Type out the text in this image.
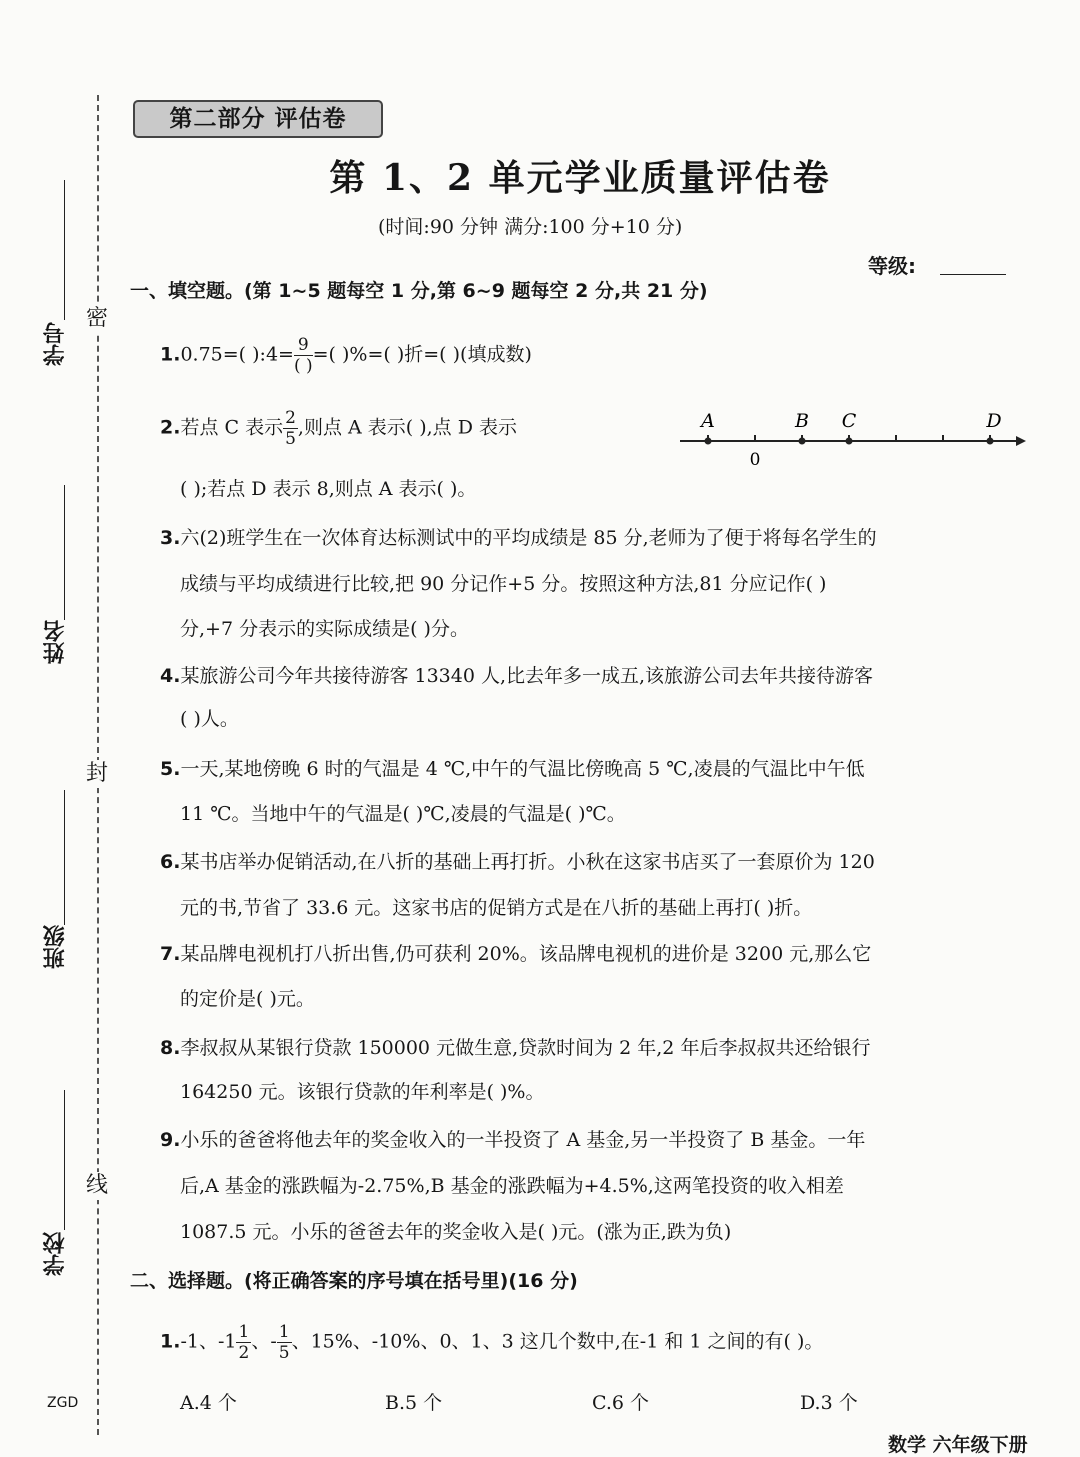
密
封
线
学号
姓名
班级
学校
ZGD
第二部分 评估卷
第 1、2 单元学业质量评估卷
(时间:90 分钟 满分:100 分+10 分)
等级:
一、填空题。(第 1~5 题每空 1 分,第 6~9 题每空 2 分,共 21 分)
1.0.75=( ):4= $\frac{9}{( )}$ =( )%=( )折=( )(填成数)
2.若点 C 表示 $\frac{2}{5}$ ,则点 A 表示( ),点 D 表示	A	B C	D
0
( );若点 D 表示 8,则点 A 表示( )。
3.六(2)班学生在一次体育达标测试中的平均成绩是 85 分,老师为了便于将每名学生的
成绩与平均成绩进行比较,把 90 分记作+5 分。按照这种方法,81 分应记作( )
分,+7 分表示的实际成绩是( )分。
4.某旅游公司今年共接待游客 13340 人,比去年多一成五,该旅游公司去年共接待游客
( )人。
5.一天,某地傍晚 6 时的气温是 4 ℃,中午的气温比傍晚高 5 ℃,凌晨的气温比中午低
11 ℃。当地中午的气温是( )℃,凌晨的气温是( )℃。
6.某书店举办促销活动,在八折的基础上再打折。小秋在这家书店买了一套原价为 120
元的书,节省了 33.6 元。这家书店的促销方式是在八折的基础上再打( )折。
7.某品牌电视机打八折出售,仍可获利 20%。该品牌电视机的进价是 3200 元,那么它
的定价是( )元。
8.李叔叔从某银行贷款 150000 元做生意,贷款时间为 2 年,2 年后李叔叔共还给银行
164250 元。该银行贷款的年利率是( )%。
9.小乐的爸爸将他去年的奖金收入的一半投资了 A 基金,另一半投资了 B 基金。一年
后,A 基金的涨跌幅为-2.75%,B 基金的涨跌幅为+4.5%,这两笔投资的收入相差
1087.5 元。小乐的爸爸去年的奖金收入是( )元。(涨为正,跌为负)
二、选择题。(将正确答案的序号填在括号里)(16 分)
1.-1、$-1 \frac{1}{2}$ 、- $\frac{1}{5}$ 、15%、-10%、0、1、3 这几个数中,在-1 和 1 之间的有( )。
A.4 个	B.5 个	C.6 个	D.3 个
数学 六年级下册
